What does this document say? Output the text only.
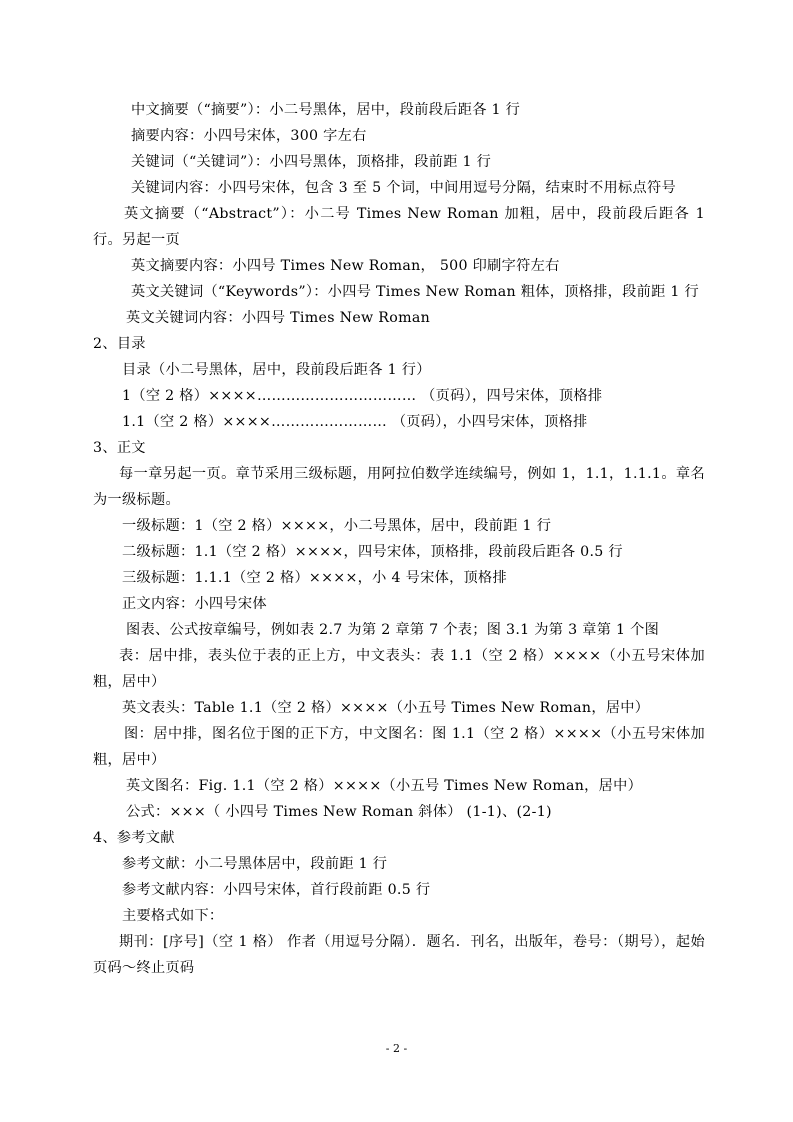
中文摘要（“摘要”）：小二号黑体，居中，段前段后距各 1 行
摘要内容：小四号宋体，300 字左右
关键词（“关键词”）：小四号黑体，顶格排，段前距 1 行
关键词内容：小四号宋体，包含 3 至 5 个词，中间用逗号分隔，结束时不用标点符号
英文摘要（“Abstract”）：小二号 Times New Roman 加粗，居中，段前段后距各 1 行。另起一页
英文摘要内容：小四号 Times New Roman， 500 印刷字符左右
英文关键词（“Keywords”）：小四号 Times New Roman 粗体，顶格排，段前距 1 行
英文关键词内容：小四号 Times New Roman
2、目录
目录（小二号黑体，居中，段前段后距各 1 行）
1（空 2 格）××××…………………………… （页码），四号宋体，顶格排
1.1（空 2 格）××××…………………… （页码），小四号宋体，顶格排
3、正文
每一章另起一页。章节采用三级标题，用阿拉伯数学连续编号，例如 1，1.1，1.1.1。章名为一级标题。
一级标题：1（空 2 格）××××，小二号黑体，居中，段前距 1 行
二级标题：1.1（空 2 格）××××，四号宋体，顶格排，段前段后距各 0.5 行
三级标题：1.1.1（空 2 格）××××，小 4 号宋体，顶格排
正文内容：小四号宋体
图表、公式按章编号，例如表 2.7 为第 2 章第 7 个表；图 3.1 为第 3 章第 1 个图
表：居中排，表头位于表的正上方，中文表头：表 1.1（空 2 格）××××（小五号宋体加粗，居中）
英文表头：Table 1.1（空 2 格）××××（小五号 Times New Roman，居中）
图：居中排，图名位于图的正下方，中文图名：图 1.1（空 2 格）××××（小五号宋体加粗，居中）
英文图名：Fig. 1.1（空 2 格）××××（小五号 Times New Roman，居中）
公式：×××（ 小四号 Times New Roman 斜体） (1-1)、(2-1)
4、参考文献
参考文献：小二号黑体居中，段前距 1 行
参考文献内容：小四号宋体，首行段前距 0.5 行
主要格式如下：
期刊：[序号]（空 1 格） 作者（用逗号分隔）．题名．刊名，出版年，卷号：（期号），起始页码～终止页码
- 2 -
